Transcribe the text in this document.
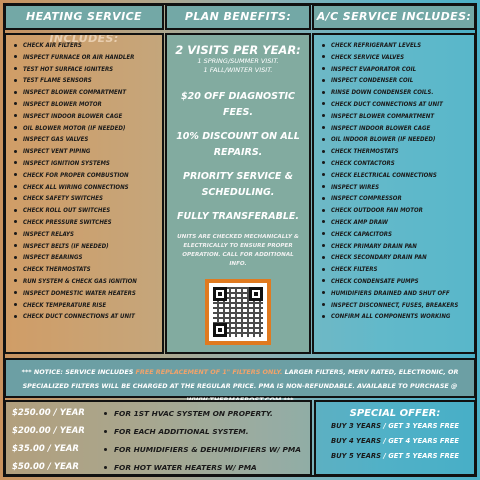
HEATING SERVICE
CHECK AIR FILTERS
INSPECT FURNACE OR AIR HANDLER
TEST HOT SURFACE IGNITERS
TEST FLAME SENSORS
INSPECT BLOWER COMPARTMENT
INSPECT BLOWER MOTOR
INSPECT INDOOR BLOWER CAGE
OIL BLOWER MOTOR (IF NEEDED)
INSPECT GAS VALVES
INSPECT VENT PIPING
INSPECT IGNITION SYSTEMS
CHECK FOR PROPER COMBUSTION
CHECK ALL WIRING CONNECTIONS
CHECK SAFETY SWITCHES
CHECK ROLL OUT SWITCHES
CHECK PRESSURE SWITCHES
INSPECT RELAYS
INSPECT BELTS (IF NEEDED)
INSPECT BEARINGS
CHECK THERMOSTATS
RUN SYSTEM & CHECK GAS IGNITION
INSPECT DOMESTIC WATER HEATERS
CHECK TEMPERATURE RISE
CHECK DUCT CONNECTIONS AT UNIT
PLAN BENEFITS:
2 VISITS PER YEAR:
1 SPRING/SUMMER VISIT.
1 FALL/WINTER VISIT.
$20 OFF DIAGNOSTIC FEES.
10% DISCOUNT ON ALL REPAIRS.
PRIORITY SERVICE & SCHEDULING.
FULLY TRANSFERABLE.
UNITS ARE CHECKED MECHANICALLY & ELECTRICALLY TO ENSURE PROPER OPERATION. CALL FOR ADDITIONAL INFO.
A/C SERVICE INCLUDES:
CHECK REFRIGERANT LEVELS
CHECK SERVICE VALVES
INSPECT EVAPORATOR COIL
INSPECT CONDENSER COIL
RINSE DOWN CONDENSER COILS.
CHECK DUCT CONNECTIONS AT UNIT
INSPECT BLOWER COMPARTMENT
INSPECT INDOOR BLOWER CAGE
OIL INDOOR BLOWER (IF NEEDED)
CHECK THERMOSTATS
CHECK CONTACTORS
CHECK ELECTRICAL CONNECTIONS
INSPECT WIRES
INSPECT COMPRESSOR
CHECK OUTDOOR FAN MOTOR
CHECK AMP DRAW
CHECK CAPACITORS
CHECK PRIMARY DRAIN PAN
CHECK SECONDARY DRAIN PAN
CHECK FILTERS
CHECK CONDENSATE PUMPS
HUMIDIFIERS DRAINED AND SHUT OFF
INSPECT DISCONNECT, FUSES, BREAKERS
CONFIRM ALL COMPONENTS WORKING
*** NOTICE: SERVICE INCLUDES FREE REPLACEMENT OF 1" FILTERS ONLY. LARGER FILTERS, MERV RATED, ELECTRONIC, OR SPECIALIZED FILTERS WILL BE CHARGED AT THE REGULAR PRICE. PMA IS NON-REFUNDABLE. AVAILABLE TO PURCHASE @
$250.00 / YEAR	FOR 1ST HVAC SYSTEM ON PROPERTY.
$200.00 / YEAR	FOR EACH ADDITIONAL SYSTEM.
$35.00 / YEAR	FOR HUMIDIFIERS & DEHUMIDIFIERS W/ PMA
$50.00 / YEAR	FOR HOT WATER HEATERS W/ PMA
SPECIAL OFFER:
BUY 3 YEARS / GET 3 YEARS FREE
BUY 4 YEARS / GET 4 YEARS FREE
BUY 5 YEARS / GET 5 YEARS FREE
